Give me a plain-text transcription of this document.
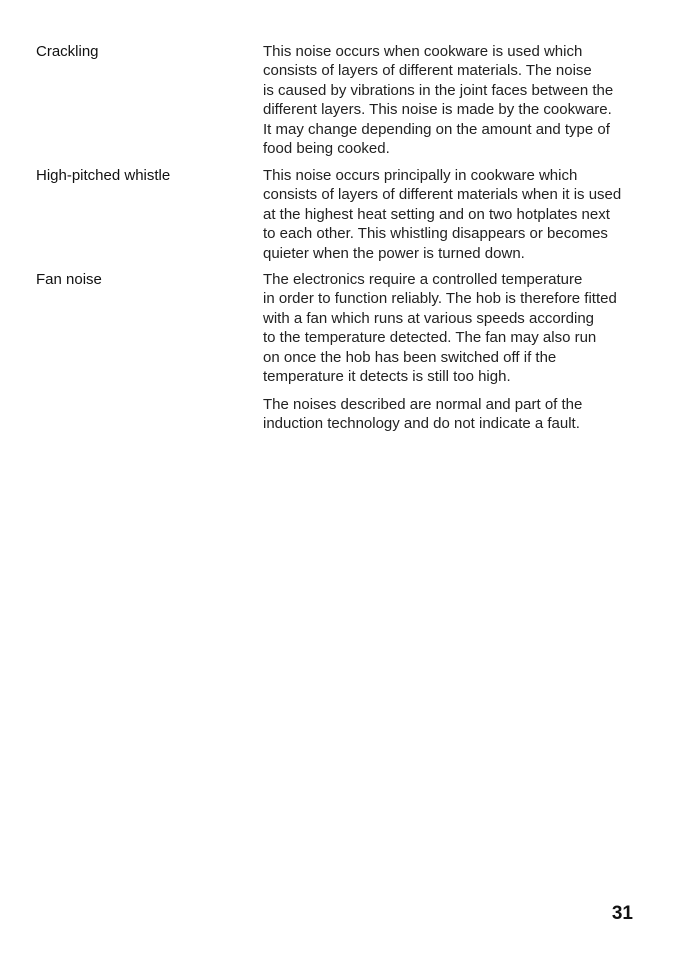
Crackling	This noise occurs when cookware is used which
consists of layers of different materials. The noise
is caused by vibrations in the joint faces between the
different layers. This noise is made by the cookware.
It may change depending on the amount and type of
food being cooked.
High-pitched whistle	This noise occurs principally in cookware which
consists of layers of different materials when it is used
at the highest heat setting and on two hotplates next
to each other. This whistling disappears or becomes
quieter when the power is turned down.
Fan noise	The electronics require a controlled temperature
in order to function reliably. The hob is therefore fitted
with a fan which runs at various speeds according
to the temperature detected. The fan may also run
on once the hob has been switched off if the
temperature it detects is still too high.
The noises described are normal and part of the
induction technology and do not indicate a fault.
31
